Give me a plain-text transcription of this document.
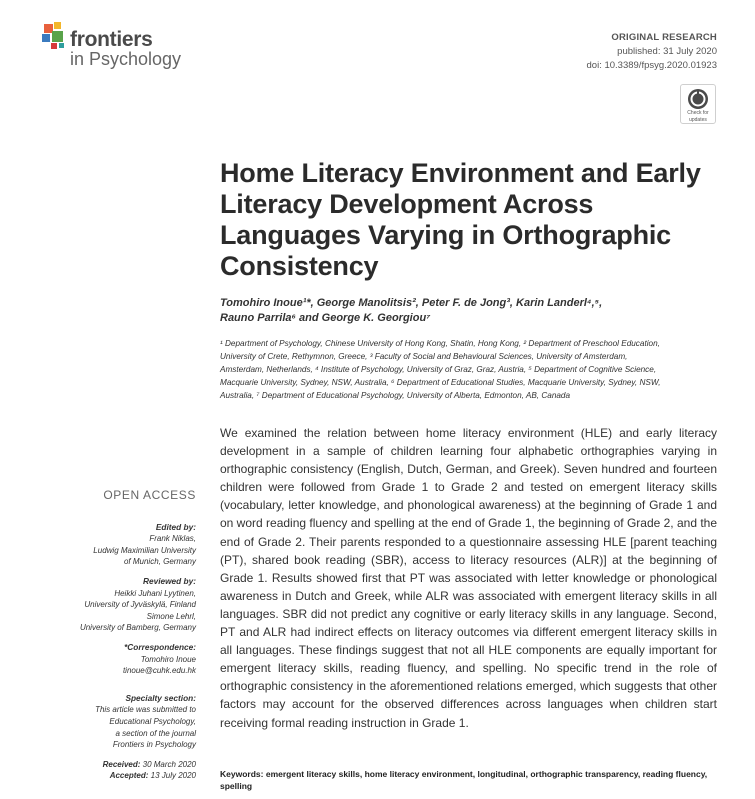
frontiers
in Psychology
ORIGINAL RESEARCH
published: 31 July 2020
doi: 10.3389/fpsyg.2020.01923
Check for
updates
Home Literacy Environment and Early Literacy Development Across Languages Varying in Orthographic Consistency
Tomohiro Inoue¹*, George Manolitsis², Peter F. de Jong³, Karin Landerl⁴,⁵,
Rauno Parrila⁶ and George K. Georgiou⁷
¹ Department of Psychology, Chinese University of Hong Kong, Shatin, Hong Kong, ² Department of Preschool Education,
University of Crete, Rethymnon, Greece, ³ Faculty of Social and Behavioural Sciences, University of Amsterdam,
Amsterdam, Netherlands, ⁴ Institute of Psychology, University of Graz, Graz, Austria, ⁵ Department of Cognitive Science,
Macquarie University, Sydney, NSW, Australia, ⁶ Department of Educational Studies, Macquarie University, Sydney, NSW,
Australia, ⁷ Department of Educational Psychology, University of Alberta, Edmonton, AB, Canada

We examined the relation between home literacy environment (HLE) and early literacy development in a sample of children learning four alphabetic orthographies varying in orthographic consistency (English, Dutch, German, and Greek). Seven hundred and fourteen children were followed from Grade 1 to Grade 2 and tested on emergent literacy skills (vocabulary, letter knowledge, and phonological awareness) at the beginning of Grade 1 and on word reading fluency and spelling at the end of Grade 1, the beginning of Grade 2, and the end of Grade 2. Their parents responded to a questionnaire assessing HLE [parent teaching (PT), shared book reading (SBR), access to literacy resources (ALR)] at the beginning of Grade 1. Results showed first that PT was associated with letter knowledge or phonological awareness in Dutch and Greek, while ALR was associated with emergent literacy skills in all languages. SBR did not predict any cognitive or early literacy skills in any language. Second, PT and ALR had indirect effects on literacy outcomes via different emergent literacy skills in all languages. These findings suggest that not all HLE components are equally important for emergent literacy skills, reading fluency, and spelling. No specific trend in the role of orthographic consistency in the aforementioned relations emerged, which suggests that other factors may account for the observed differences across languages when children start receiving formal reading instruction in Grade 1.

Keywords: emergent literacy skills, home literacy environment, longitudinal, orthographic transparency, reading fluency, spelling
OPEN ACCESS
Edited by:
Frank Niklas,
Ludwig Maximilian University
of Munich, Germany
Reviewed by:
Heikki Juhani Lyytinen,
University of Jyväskylä, Finland
Simone Lehrl,
University of Bamberg, Germany
*Correspondence:
Tomohiro Inoue
tinoue@cuhk.edu.hk
Specialty section:
This article was submitted to
Educational Psychology,
a section of the journal
Frontiers in Psychology
Received: 30 March 2020
Accepted: 13 July 2020
